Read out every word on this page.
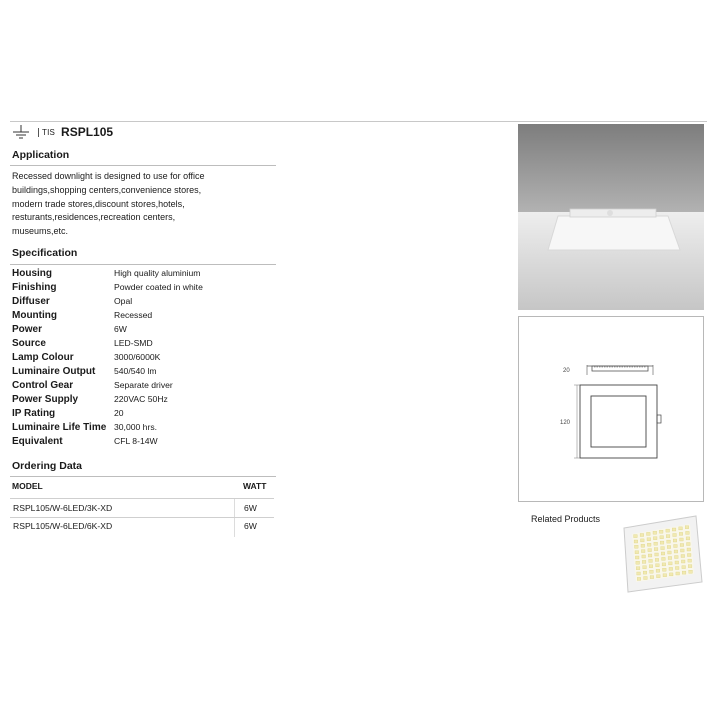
TIS RSPL105
Application
Recessed downlight is designed to use for office
buildings,shopping centers,convenience stores,
modern trade stores,discount stores,hotels,
resturants,residences,recreation centers,
museums,etc.
Specification
Housing	High quality aluminium
Finishing	Powder coated in white
Diffuser	Opal
Mounting	Recessed
Power	6W
Source	LED-SMD
Lamp Colour	3000/6000K
Luminaire Output	540/540 lm
Control Gear	Separate driver
Power Supply	220VAC 50Hz
IP Rating	20
Luminaire Life Time 30,000 hrs.
Equivalent	CFL 8-14W
Ordering Data
MODEL	WATT
RSPL105/W-6LED/3K-XD	6W
RSPL105/W-6LED/6K-XD	6W
20
120
Related Products
